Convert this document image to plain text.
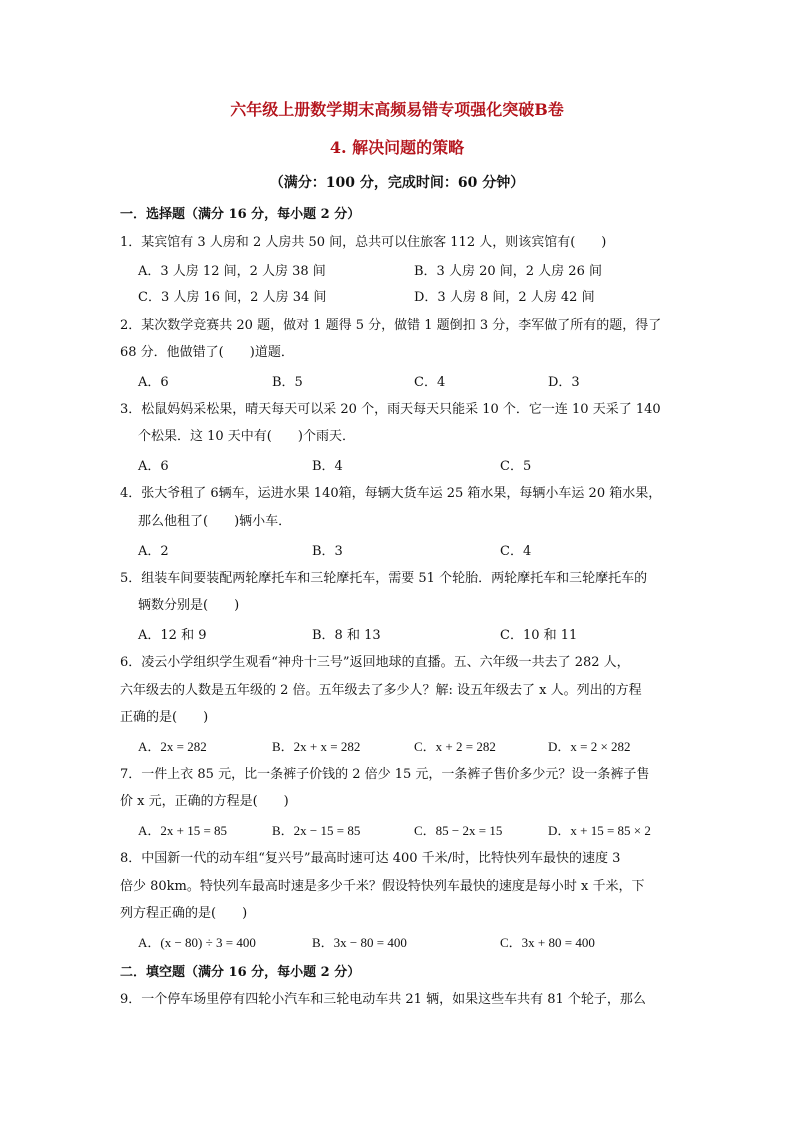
六年级上册数学期末高频易错专项强化突破B卷
4. 解决问题的策略
（满分：100 分，完成时间：60 分钟）
一．选择题（满分 16 分，每小题 2 分）
1．某宾馆有 3 人房和 2 人房共 50 间，总共可以住旅客 112 人，则该宾馆有(　　)
A．3 人房 12 间，2 人房 38 间	B．3 人房 20 间，2 人房 26 间
C．3 人房 16 间，2 人房 34 间	D．3 人房 8 间，2 人房 42 间
2．某次数学竞赛共 20 题，做对 1 题得 5 分，做错 1 题倒扣 3 分，李军做了所有的题，得了
68 分．他做错了(　　)道题．
A．6	B．5	C．4	D．3
3．松鼠妈妈采松果，晴天每天可以采 20 个，雨天每天只能采 10 个．它一连 10 天采了 140
个松果．这 10 天中有(　　)个雨天．
A．6	B．4	C．5
4．张大爷租了 6辆车，运进水果 140箱，每辆大货车运 25 箱水果，每辆小车运 20 箱水果，
那么他租了(　　)辆小车．
A．2	B．3	C．4
5．组装车间要装配两轮摩托车和三轮摩托车，需要 51 个轮胎．两轮摩托车和三轮摩托车的
辆数分别是(　　)
A．12 和 9	B．8 和 13	C．10 和 11
6．凌云小学组织学生观看“神舟十三号”返回地球的直播。五、六年级一共去了 282 人，
六年级去的人数是五年级的 2 倍。五年级去了多少人？解: 设五年级去了 x 人。列出的方程
正确的是(　　)
A．2x = 282	B．2x + x = 282	C．x + 2 = 282	D．x = 2 × 282
7．一件上衣 85 元，比一条裤子价钱的 2 倍少 15 元，一条裤子售价多少元？设一条裤子售
价 x 元，正确的方程是(　　)
A．2x + 15 = 85	B．2x − 15 = 85	C．85 − 2x = 15	D．x + 15 = 85 × 2
8．中国新一代的动车组“复兴号”最高时速可达 400 千米/时，比特快列车最快的速度 3
倍少 80km。特快列车最高时速是多少千米？假设特快列车最快的速度是每小时 x 千米，下
列方程正确的是(　　)
A．(x − 80) ÷ 3 = 400	B．3x − 80 = 400	C．3x + 80 = 400
二．填空题（满分 16 分，每小题 2 分）
9．一个停车场里停有四轮小汽车和三轮电动车共 21 辆，如果这些车共有 81 个轮子，那么
